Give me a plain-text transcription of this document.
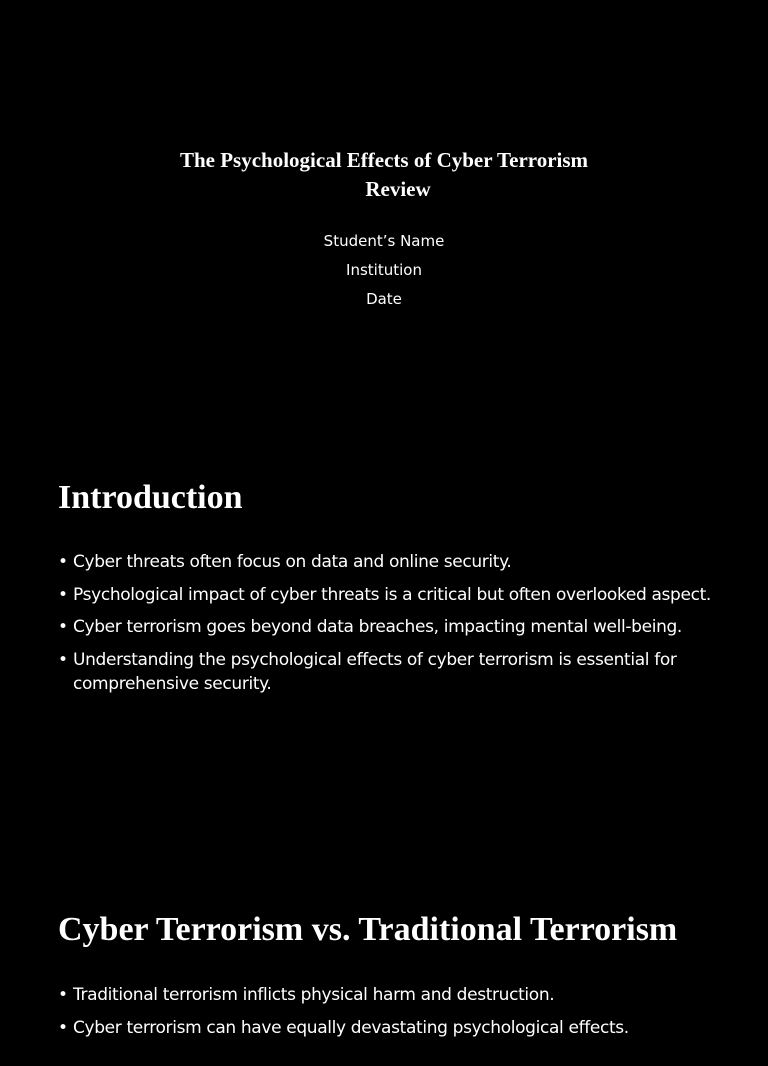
The Psychological Effects of Cyber Terrorism
Review
Student’s Name
Institution
Date
Introduction
• Cyber threats often focus on data and online security.
• Psychological impact of cyber threats is a critical but often overlooked aspect.
• Cyber terrorism goes beyond data breaches, impacting mental well-being.
• Understanding the psychological effects of cyber terrorism is essential for comprehensive security.
Cyber Terrorism vs. Traditional Terrorism
• Traditional terrorism inflicts physical harm and destruction.
• Cyber terrorism can have equally devastating psychological effects.
